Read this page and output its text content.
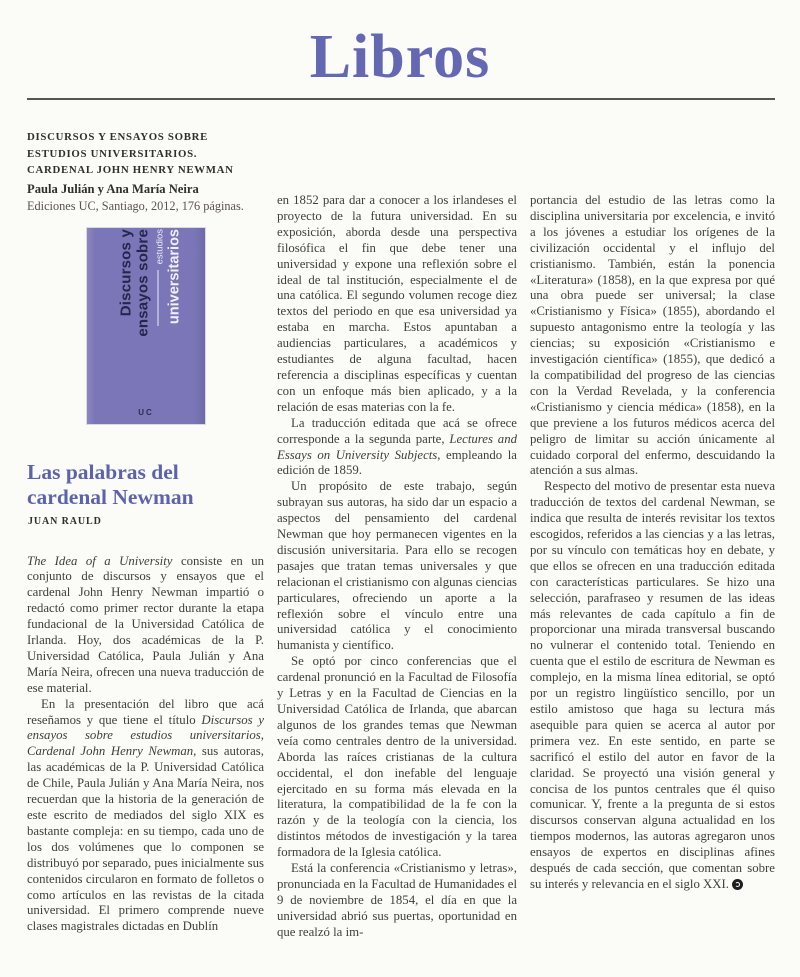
Libros
DISCURSOS Y ENSAYOS SOBRE
ESTUDIOS UNIVERSITARIOS.
CARDENAL JOHN HENRY NEWMAN
Paula Julián y Ana María Neira
Ediciones UC, Santiago, 2012, 176 páginas.
Discursos y ensayos sobre estudios universitarios
UC
Las palabras del cardenal Newman
JUAN RAULD

The Idea of a University consiste en un conjunto de discursos y ensayos que el cardenal John Henry Newman impartió o redactó como primer rector durante la etapa fundacional de la Universidad Católica de Irlanda. Hoy, dos académicas de la P. Universidad Católica, Paula Julián y Ana María Neira, ofrecen una nueva traducción de ese material.

En la presentación del libro que acá reseñamos y que tiene el título Discursos y ensayos sobre estudios universitarios, Cardenal John Henry Newman, sus autoras, las académicas de la P. Universidad Católica de Chile, Paula Julián y Ana María Neira, nos recuerdan que la historia de la generación de este escrito de mediados del siglo XIX es bastante compleja: en su tiempo, cada uno de los dos volúmenes que lo componen se distribuyó por separado, pues inicialmente sus contenidos circularon en formato de folletos o como artículos en las revistas de la citada universidad. El primero comprende nueve clases magistrales dictadas en Dublín

en 1852 para dar a conocer a los irlandeses el proyecto de la futura universidad. En su exposición, aborda desde una perspectiva filosófica el fin que debe tener una universidad y expone una reflexión sobre el ideal de tal institución, especialmente el de una católica. El segundo volumen recoge diez textos del periodo en que esa universidad ya estaba en marcha. Estos apuntaban a audiencias particulares, a académicos y estudiantes de alguna facultad, hacen referencia a disciplinas específicas y cuentan con un enfoque más bien aplicado, y a la relación de esas materias con la fe.

La traducción editada que acá se ofrece corresponde a la segunda parte, Lectures and Essays on University Subjects, empleando la edición de 1859.

Un propósito de este trabajo, según subrayan sus autoras, ha sido dar un espacio a aspectos del pensamiento del cardenal Newman que hoy permanecen vigentes en la discusión universitaria. Para ello se recogen pasajes que tratan temas universales y que relacionan el cristianismo con algunas ciencias particulares, ofreciendo un aporte a la reflexión sobre el vínculo entre una universidad católica y el conocimiento humanista y científico.

Se optó por cinco conferencias que el cardenal pronunció en la Facultad de Filosofía y Letras y en la Facultad de Ciencias en la Universidad Católica de Irlanda, que abarcan algunos de los grandes temas que Newman veía como centrales dentro de la universidad. Aborda las raíces cristianas de la cultura occidental, el don inefable del lenguaje ejercitado en su forma más elevada en la literatura, la compatibilidad de la fe con la razón y de la teología con la ciencia, los distintos métodos de investigación y la tarea formadora de la Iglesia católica.

Está la conferencia «Cristianismo y letras», pronunciada en la Facultad de Humanidades el 9 de noviembre de 1854, el día en que la universidad abrió sus puertas, oportunidad en que realzó la im-

portancia del estudio de las letras como la disciplina universitaria por excelencia, e invitó a los jóvenes a estudiar los orígenes de la civilización occidental y el influjo del cristianismo. También, están la ponencia «Literatura» (1858), en la que expresa por qué una obra puede ser universal; la clase «Cristianismo y Física» (1855), abordando el supuesto antagonismo entre la teología y las ciencias; su exposición «Cristianismo e investigación científica» (1855), que dedicó a la compatibilidad del progreso de las ciencias con la Verdad Revelada, y la conferencia «Cristianismo y ciencia médica» (1858), en la que previene a los futuros médicos acerca del peligro de limitar su acción únicamente al cuidado corporal del enfermo, descuidando la atención a sus almas.

Respecto del motivo de presentar esta nueva traducción de textos del cardenal Newman, se indica que resulta de interés revisitar los textos escogidos, referidos a las ciencias y a las letras, por su vínculo con temáticas hoy en debate, y que ellos se ofrecen en una traducción editada con características particulares. Se hizo una selección, parafraseo y resumen de las ideas más relevantes de cada capítulo a fin de proporcionar una mirada transversal buscando no vulnerar el contenido total. Teniendo en cuenta que el estilo de escritura de Newman es complejo, en la misma línea editorial, se optó por un registro lingüístico sencillo, por un estilo amistoso que haga su lectura más asequible para quien se acerca al autor por primera vez. En este sentido, en parte se sacrificó el estilo del autor en favor de la claridad. Se proyectó una visión general y concisa de los puntos centrales que él quiso comunicar. Y, frente a la pregunta de si estos discursos conservan alguna actualidad en los tiempos modernos, las autoras agregaron unos ensayos de expertos en disciplinas afines después de cada sección, que comentan sobre su interés y relevancia en el siglo XXI.
